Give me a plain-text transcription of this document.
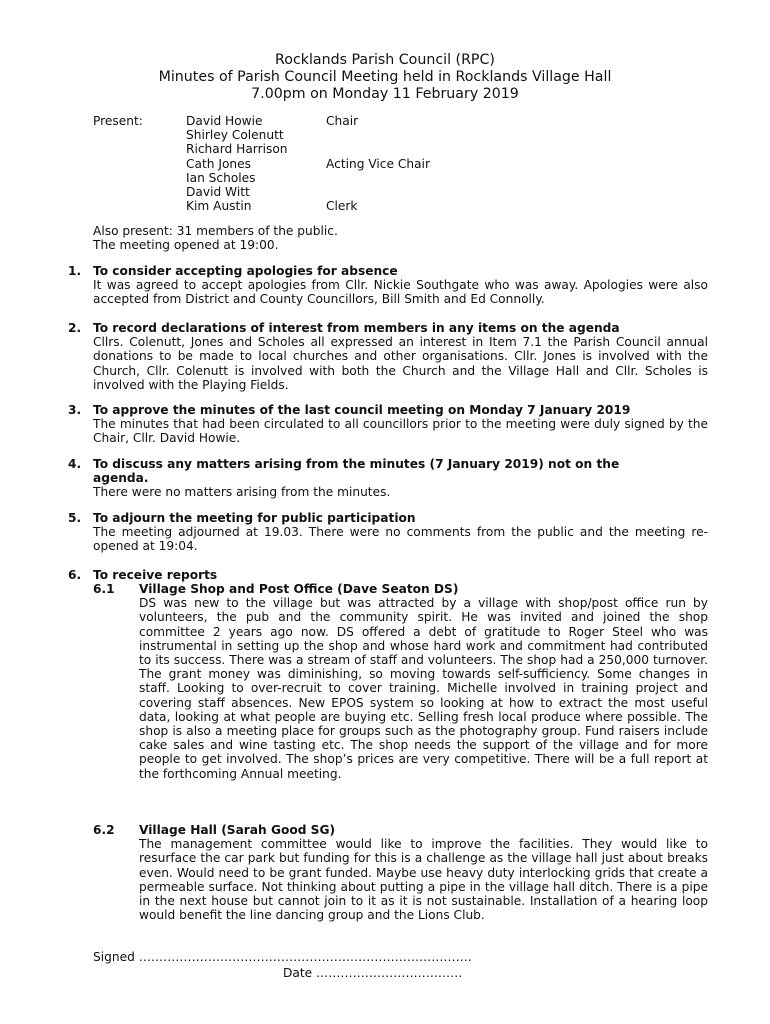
Rocklands Parish Council (RPC)
Minutes of Parish Council Meeting held in Rocklands Village Hall
7.00pm on Monday 11 February 2019
Present:	David Howie	Chair
Shirley Colenutt
Richard Harrison
Cath Jones	Acting Vice Chair
Ian Scholes
David Witt
Kim Austin	Clerk
Also present: 31 members of the public.
The meeting opened at 19:00.
1. To consider accepting apologies for absence
It was agreed to accept apologies from Cllr. Nickie Southgate who was away. Apologies were also accepted from District and County Councillors, Bill Smith and Ed Connolly.
2. To record declarations of interest from members in any items on the agenda
Cllrs. Colenutt, Jones and Scholes all expressed an interest in Item 7.1 the Parish Council annual donations to be made to local churches and other organisations. Cllr. Jones is involved with the Church, Cllr. Colenutt is involved with both the Church and the Village Hall and Cllr. Scholes is involved with the Playing Fields.
3. To approve the minutes of the last council meeting on Monday 7 January 2019
The minutes that had been circulated to all councillors prior to the meeting were duly signed by the Chair, Cllr. David Howie.
4. To discuss any matters arising from the minutes (7 January 2019) not on the agenda.
There were no matters arising from the minutes.
5. To adjourn the meeting for public participation
The meeting adjourned at 19.03. There were no comments from the public and the meeting re-opened at 19:04.
6. To receive reports
6.1 Village Shop and Post Office (Dave Seaton DS)
DS was new to the village but was attracted by a village with shop/post office run by volunteers, the pub and the community spirit. He was invited and joined the shop committee 2 years ago now. DS offered a debt of gratitude to Roger Steel who was instrumental in setting up the shop and whose hard work and commitment had contributed to its success. There was a stream of staff and volunteers. The shop had a 250,000 turnover. The grant money was diminishing, so moving towards self-sufficiency. Some changes in staff. Looking to over-recruit to cover training. Michelle involved in training project and covering staff absences. New EPOS system so looking at how to extract the most useful data, looking at what people are buying etc. Selling fresh local produce where possible. The shop is also a meeting place for groups such as the photography group. Fund raisers include cake sales and wine tasting etc. The shop needs the support of the village and for more people to get involved. The shop’s prices are very competitive. There will be a full report at the forthcoming Annual meeting.
6.2 Village Hall (Sarah Good SG)
The management committee would like to improve the facilities. They would like to resurface the car park but funding for this is a challenge as the village hall just about breaks even. Would need to be grant funded. Maybe use heavy duty interlocking grids that create a permeable surface. Not thinking about putting a pipe in the village hall ditch. There is a pipe in the next house but cannot join to it as it is not sustainable. Installation of a hearing loop would benefit the line dancing group and the Lions Club.
Signed ……………………………………………………………………….
Date ………………………………
